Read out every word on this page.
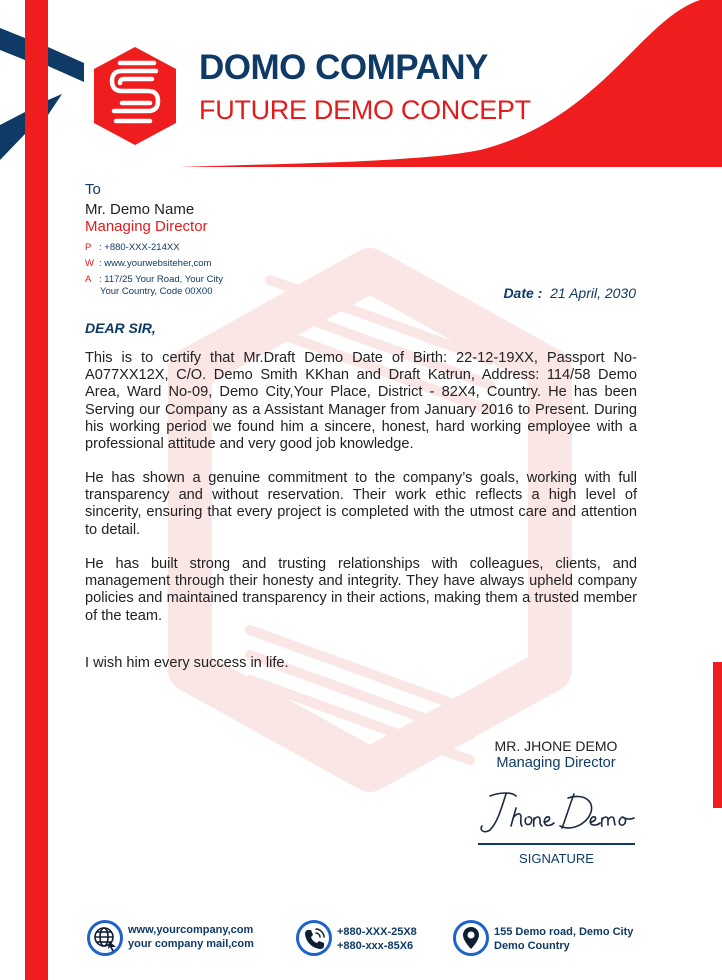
DOMO COMPANY
FUTURE DEMO CONCEPT
To
Mr. Demo Name
Managing Director
P : +880-XXX-214XX
W : www.yourwebsiteher,com
A : 117/25 Your Road, Your City
Your Country, Code 00X00	Date : 21 April, 2030
DEAR SIR,
This is to certify that Mr.Draft Demo Date of Birth: 22-12-19XX, Passport No-A077XX12X, C/O. Demo Smith KKhan and Draft Katrun, Address: 114/58 Demo Area, Ward No-09, Demo City,Your Place, District - 82X4, Country. He has been Serving our Company as a Assistant Manager from January 2016 to Present. During his working period we found him a sincere, honest, hard working employee with a professional attitude and very good job knowledge.
He has shown a genuine commitment to the company’s goals, working with full transparency and without reservation. Their work ethic reflects a high level of sincerity, ensuring that every project is completed with the utmost care and attention to detail.
He has built strong and trusting relationships with colleagues, clients, and management through their honesty and integrity. They have always upheld company policies and maintained transparency in their actions, making them a trusted member of the team.
I wish him every success in life.
MR. JHONE DEMO
Managing Director
SIGNATURE
www,yourcompany,com
your company mail,com
+880-XXX-25X8
+880-xxx-85X6
155 Demo road, Demo City
Demo Country
